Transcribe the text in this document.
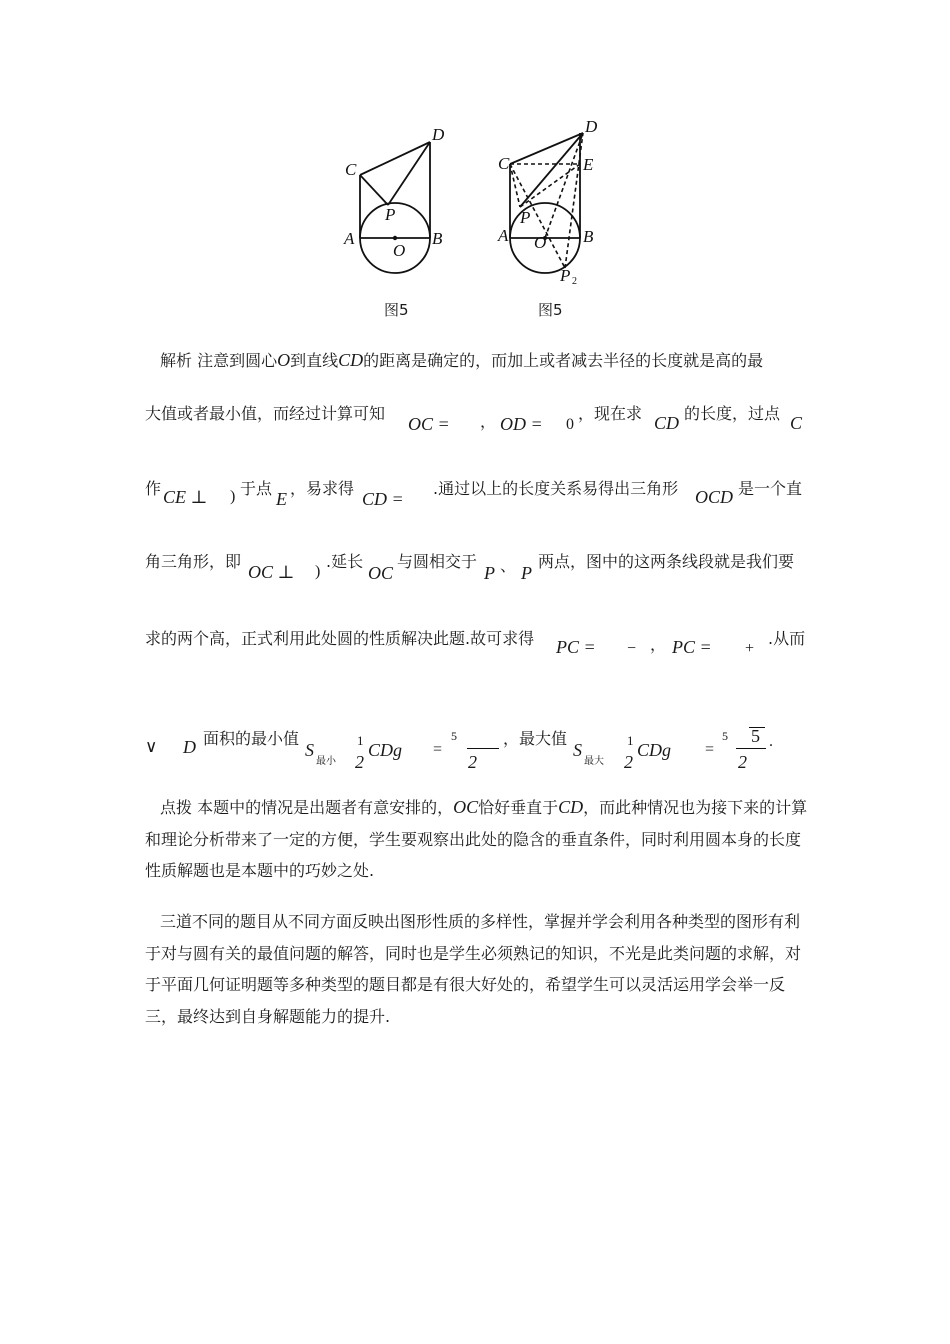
C
D
P
A
O
B
D
C	E
P
A O B
P 2
图5	图5
解析 注意到圆心O到直线CD的距离是确定的，而加上或者减去半径的长度就是高的最
大值或者最小值，而经过计算可知
OC = ， OD = 0
，现在求 CD 的长度，过点 C
作 CE ⊥ ) 于点
E
，易求得
CD =
.通过以上的长度关系易得出三角形 OCD 是一个直
角三角形，即
OC ⊥ )
.延长
OC
与圆相交于
P 、 P
两点，图中的这两条线段就是我们要
求的两个高，正式利用此处圆的性质解决此题.故可求得 PC = − ， PC = +
.从而
∨ D 面积的最小值
S
最小
1
2
CDg =
5
2
，最大值
S
最大
1
2
CDg =
5 5
2
.
点拨 本题中的情况是出题者有意安排的，OC恰好垂直于CD，而此种情况也为接下来的计算和理论分析带来了一定的方便，学生要观察出此处的隐含的垂直条件，同时利用圆本身的长度性质解题也是本题中的巧妙之处.
三道不同的题目从不同方面反映出图形性质的多样性，掌握并学会利用各种类型的图形有利于对与圆有关的最值问题的解答，同时也是学生必须熟记的知识，不光是此类问题的求解，对于平面几何证明题等多种类型的题目都是有很大好处的，希望学生可以灵活运用学会举一反三，最终达到自身解题能力的提升.
